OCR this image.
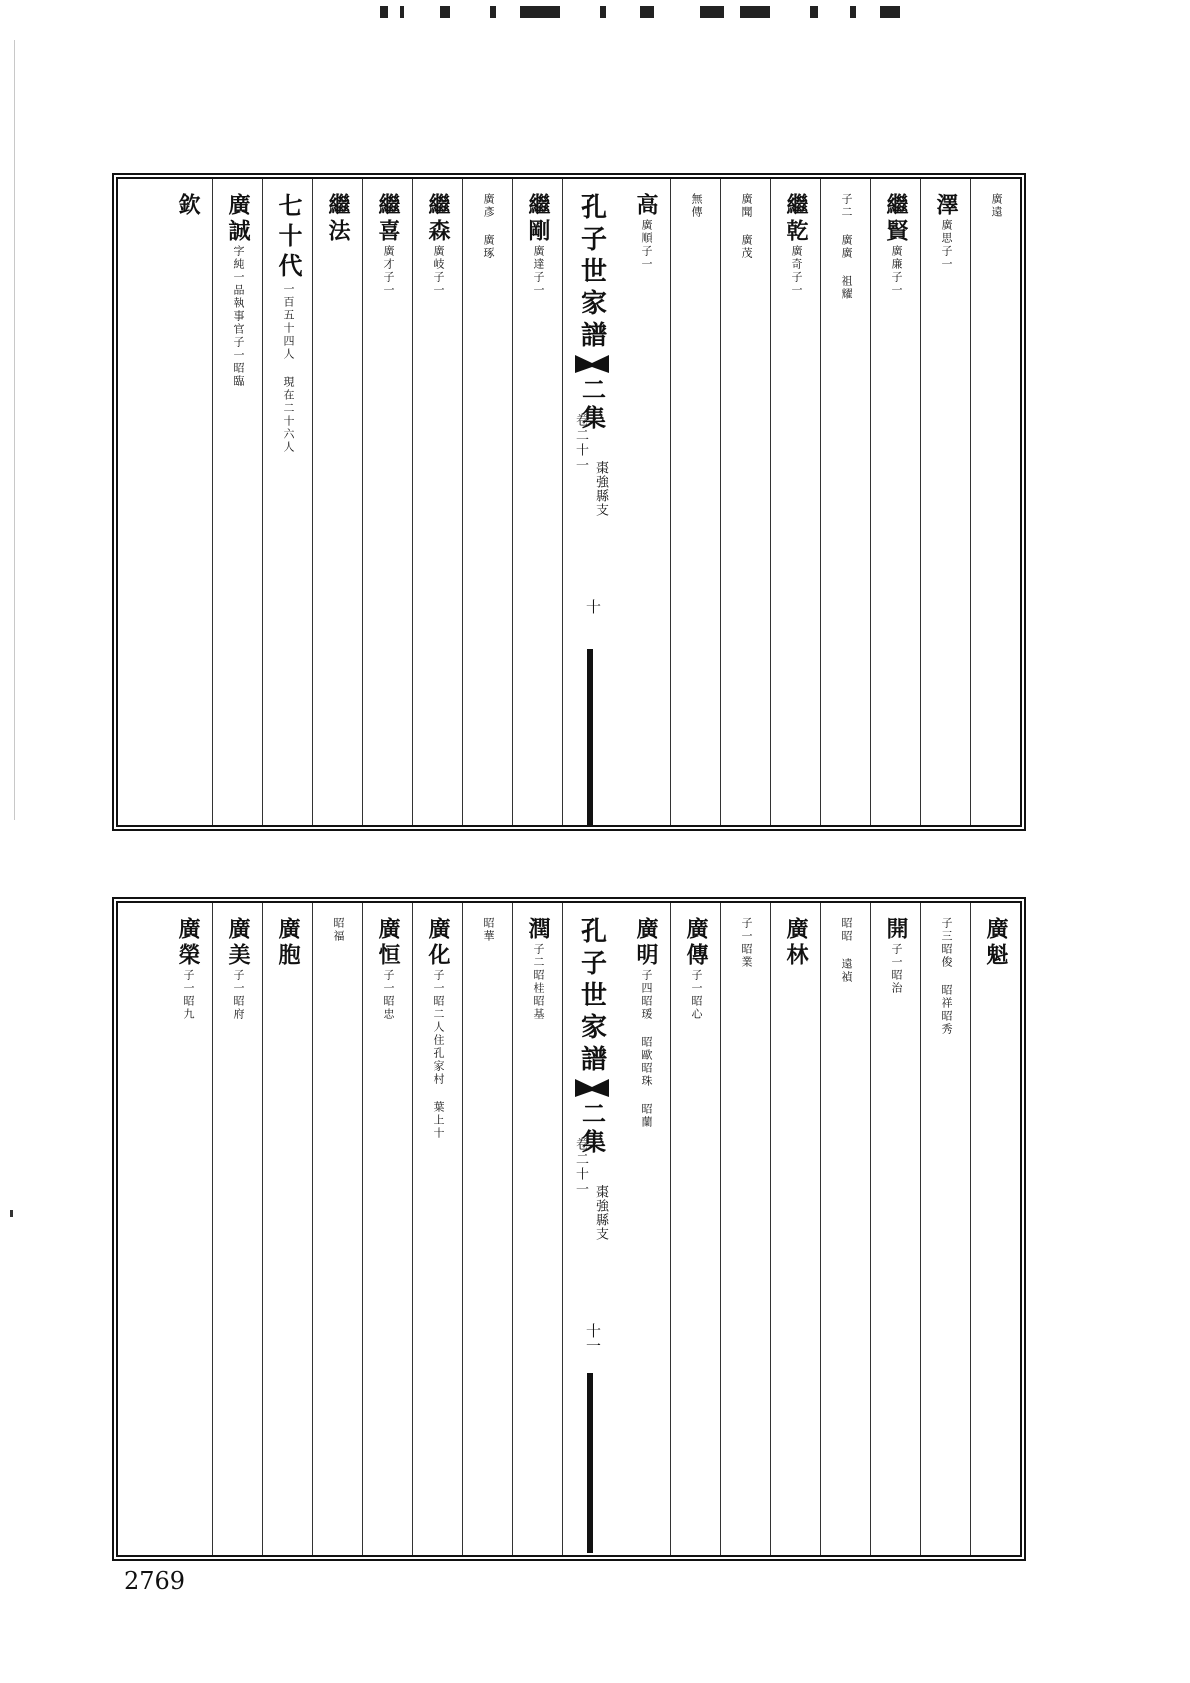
廣遠
澤廣思子一
繼賢廣廉子一
子二 廣廣 祖耀
繼乾廣奇子一
廣聞 廣茂
無傳
高廣順子一
孔子世家譜
二集
卷二十一
棗強縣支
十
繼剛廣達子一
廣彥 廣琢
繼森廣岐子一
繼喜廣才子一
繼法
七十代一百五十四人 現在二十六人
廣誠字純一品執事官子一昭臨
欽
廣魁
子三昭俊 昭祥昭秀
開子一昭治
昭昭 遠禎
廣林
子一昭業
廣傳子一昭心
廣明子四昭瑗 昭歐昭珠 昭蘭
孔子世家譜
二集
卷二十一
棗強縣支
十一
潤子二昭桂昭基
昭華
廣化子一昭二人住孔家村 葉上十
廣恒子一昭忠
昭福
廣胞
廣美子一昭府
廣榮子一昭九
2769
